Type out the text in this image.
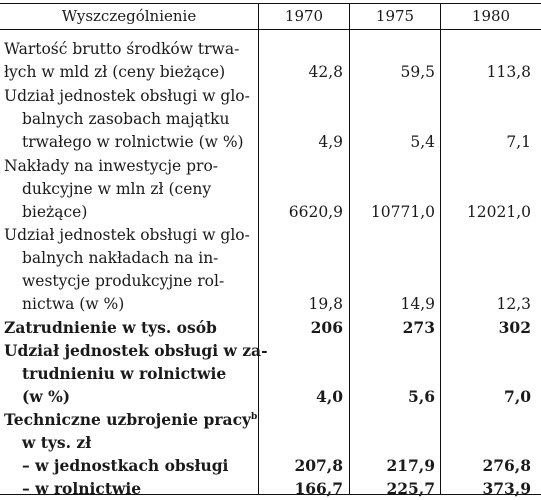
Wyszczególnienie	1970	1975	1980
Wartość brutto środków trwa-
łych w mld zł (ceny bieżące)	42,8	59,5	113,8
Udział jednostek obsługi w glo-
balnych zasobach majątku
trwałego w rolnictwie (w %)	4,9	5,4	7,1
Nakłady na inwestycje pro-
dukcyjne w mln zł (ceny
bieżące)	6620,9	10771,0	12021,0
Udział jednostek obsługi w glo-
balnych nakładach na in-
westycje produkcyjne rol-
nictwa (w %)	19,8	14,9	12,3
Zatrudnienie w tys. osób	206	273	302
Udział jednostek obsługi w za-
trudnieniu w rolnictwie
(w %)	4,0	5,6	7,0
Techniczne uzbrojenie pracy$^b$
w tys. zł
– w jednostkach obsługi	207,8	217,9	276,8
– w rolnictwie	166,7	225,7	373,9
